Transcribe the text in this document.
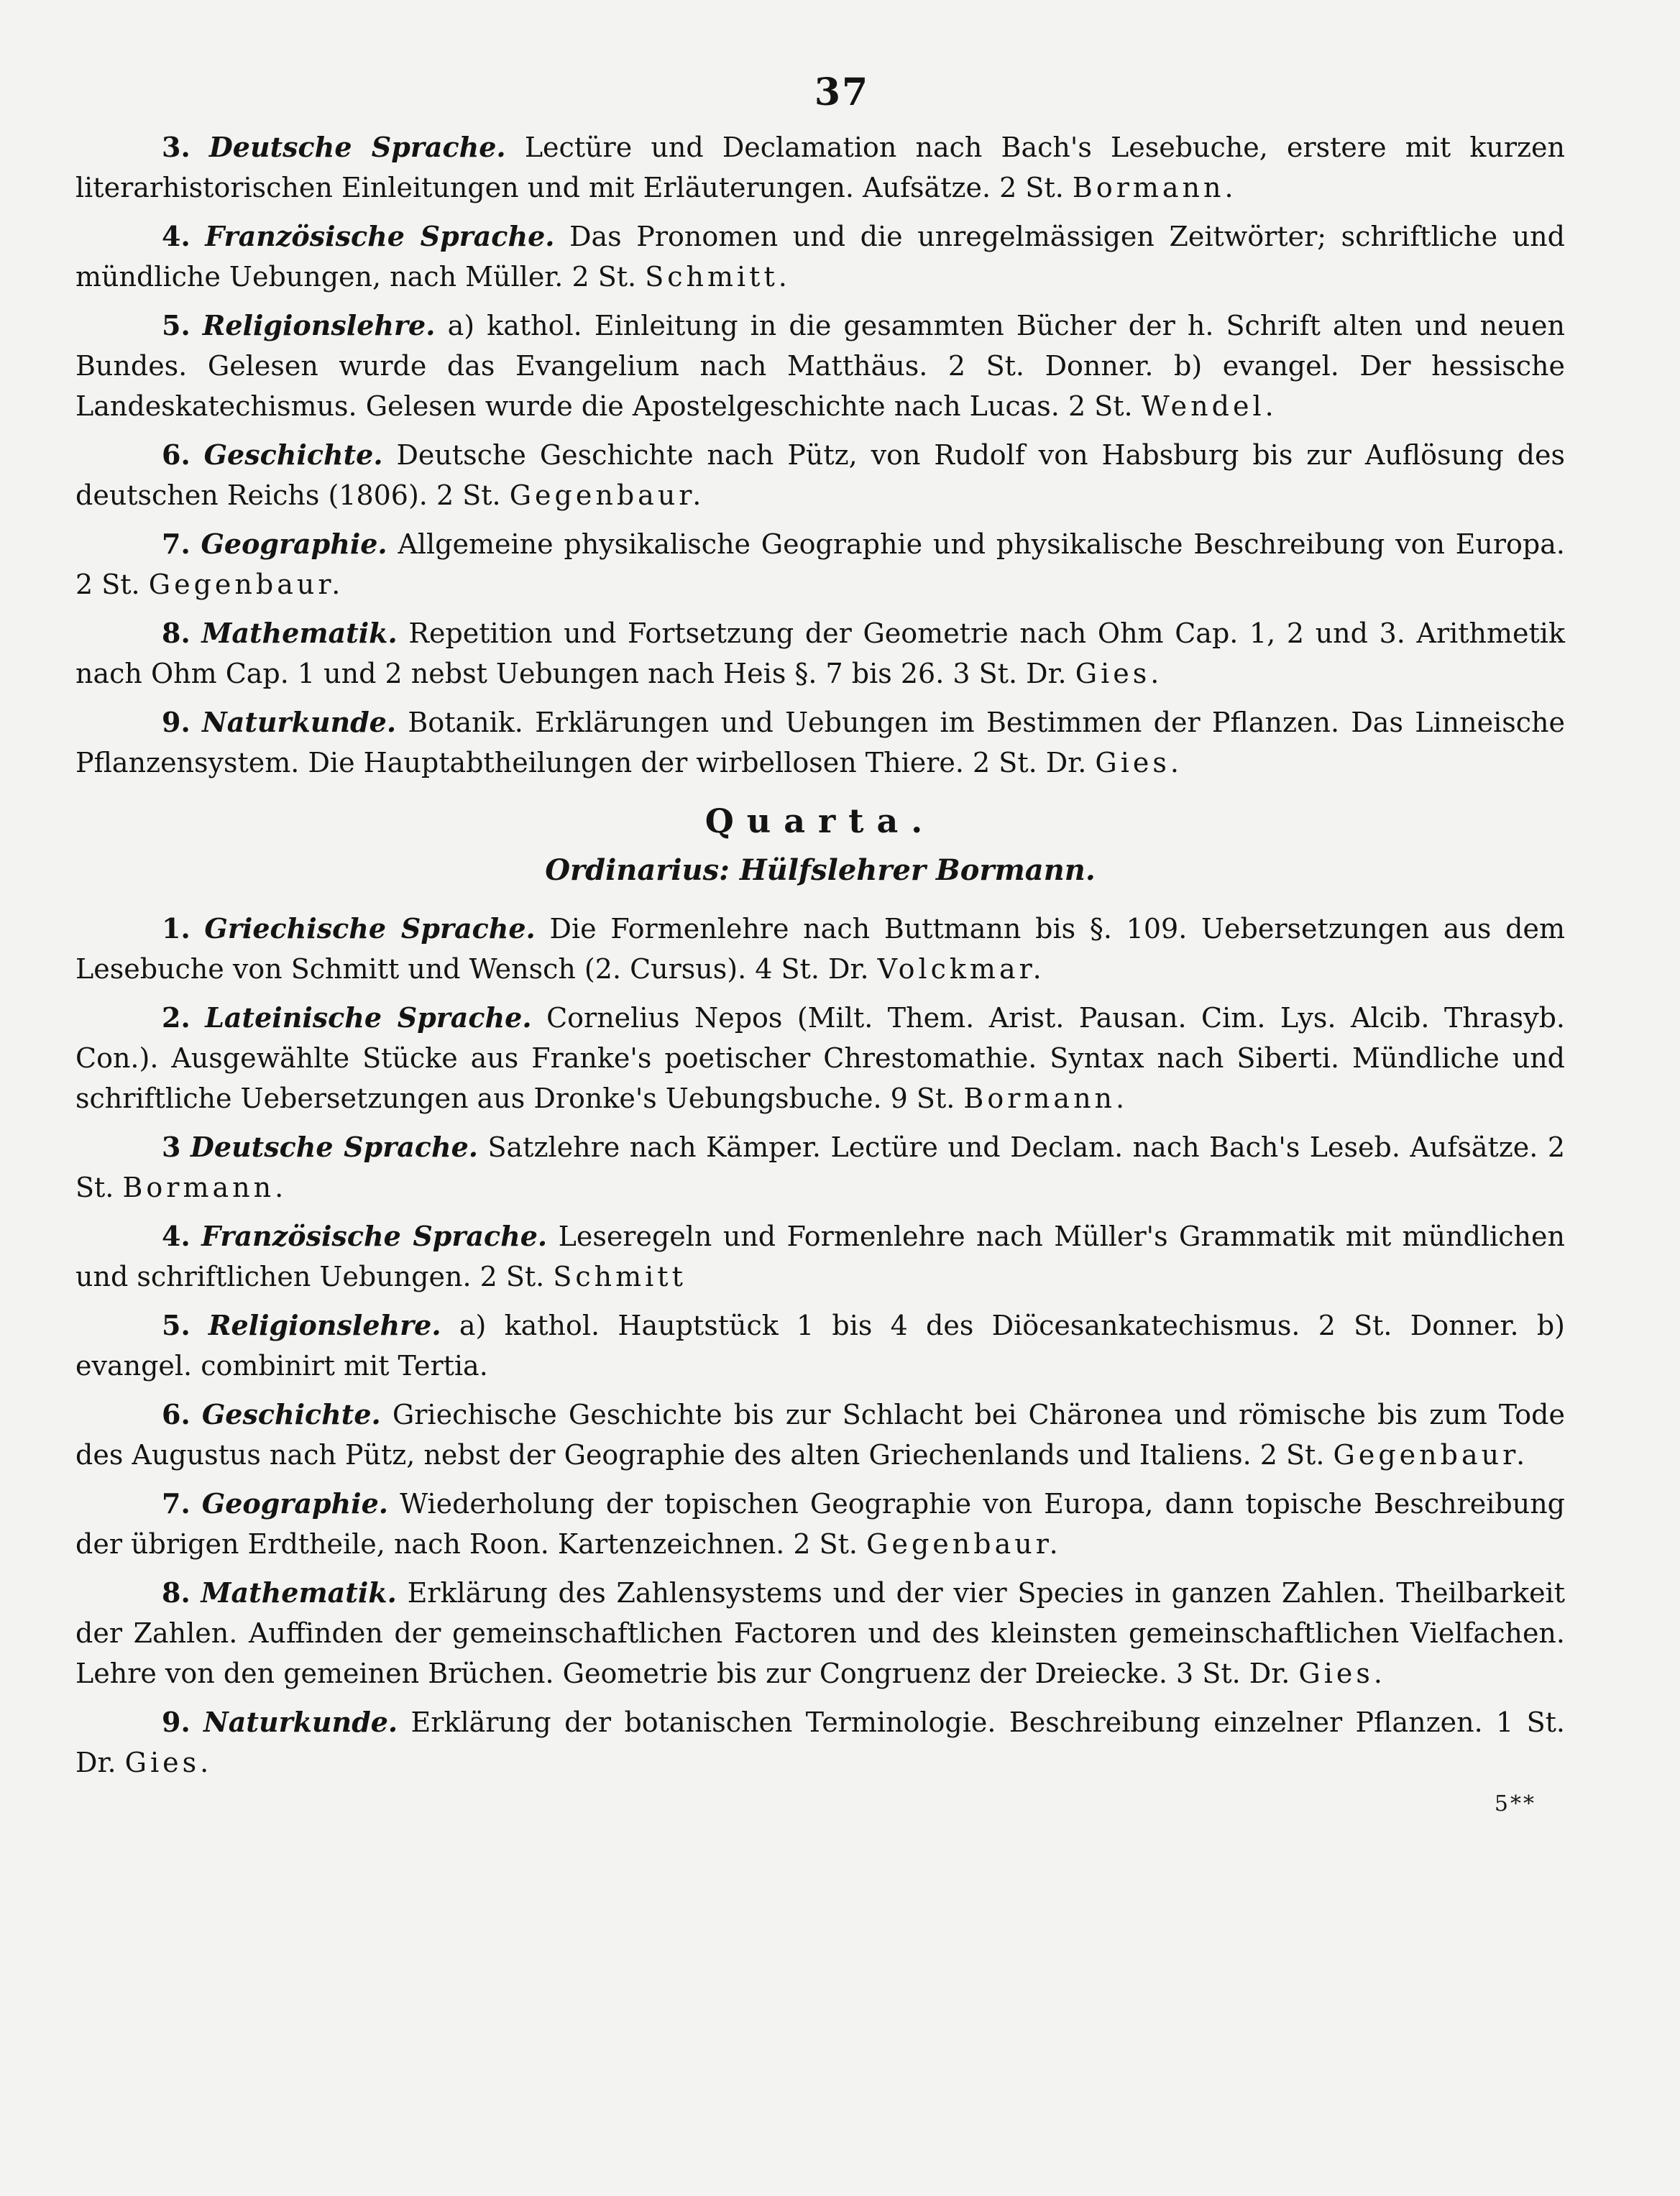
37

3. Deutsche Sprache. Lectüre und Declamation nach Bach's Lesebuche, erstere mit kurzen literarhistorischen Einleitungen und mit Erläuterungen. Aufsätze. 2 St. Bormann.

4. Französische Sprache. Das Pronomen und die unregelmässigen Zeitwörter; schriftliche und mündliche Uebungen, nach Müller. 2 St. Schmitt.

5. Religionslehre. a) kathol. Einleitung in die gesammten Bücher der h. Schrift alten und neuen Bundes. Gelesen wurde das Evangelium nach Matthäus. 2 St. Donner. b) evangel. Der hessische Landeskatechismus. Gelesen wurde die Apostelgeschichte nach Lucas. 2 St. Wendel.

6. Geschichte. Deutsche Geschichte nach Pütz, von Rudolf von Habsburg bis zur Auflösung des deutschen Reichs (1806). 2 St. Gegenbaur.

7. Geographie. Allgemeine physikalische Geographie und physikalische Beschreibung von Europa. 2 St. Gegenbaur.

8. Mathematik. Repetition und Fortsetzung der Geometrie nach Ohm Cap. 1, 2 und 3. Arithmetik nach Ohm Cap. 1 und 2 nebst Uebungen nach Heis §. 7 bis 26. 3 St. Dr. Gies.

9. Naturkunde. Botanik. Erklärungen und Uebungen im Bestimmen der Pflanzen. Das Linneische Pflanzensystem. Die Hauptabtheilungen der wirbellosen Thiere. 2 St. Dr. Gies.

Quarta.
Ordinarius: Hülfslehrer Bormann.

1. Griechische Sprache. Die Formenlehre nach Buttmann bis §. 109. Uebersetzungen aus dem Lesebuche von Schmitt und Wensch (2. Cursus). 4 St. Dr. Volckmar.

2. Lateinische Sprache. Cornelius Nepos (Milt. Them. Arist. Pausan. Cim. Lys. Alcib. Thrasyb. Con.). Ausgewählte Stücke aus Franke's poetischer Chrestomathie. Syntax nach Siberti. Mündliche und schriftliche Uebersetzungen aus Dronke's Uebungsbuche. 9 St. Bormann.

3 Deutsche Sprache. Satzlehre nach Kämper. Lectüre und Declam. nach Bach's Leseb. Aufsätze. 2 St. Bormann.

4. Französische Sprache. Leseregeln und Formenlehre nach Müller's Grammatik mit mündlichen und schriftlichen Uebungen. 2 St. Schmitt

5. Religionslehre. a) kathol. Hauptstück 1 bis 4 des Diöcesankatechismus. 2 St. Donner. b) evangel. combinirt mit Tertia.

6. Geschichte. Griechische Geschichte bis zur Schlacht bei Chäronea und römische bis zum Tode des Augustus nach Pütz, nebst der Geographie des alten Griechenlands und Italiens. 2 St. Gegenbaur.

7. Geographie. Wiederholung der topischen Geographie von Europa, dann topische Beschreibung der übrigen Erdtheile, nach Roon. Kartenzeichnen. 2 St. Gegenbaur.

8. Mathematik. Erklärung des Zahlensystems und der vier Species in ganzen Zahlen. Theilbarkeit der Zahlen. Auffinden der gemeinschaftlichen Factoren und des kleinsten gemeinschaftlichen Vielfachen. Lehre von den gemeinen Brüchen. Geometrie bis zur Congruenz der Dreiecke. 3 St. Dr. Gies.

9. Naturkunde. Erklärung der botanischen Terminologie. Beschreibung einzelner Pflanzen. 1 St. Dr. Gies.

5**
